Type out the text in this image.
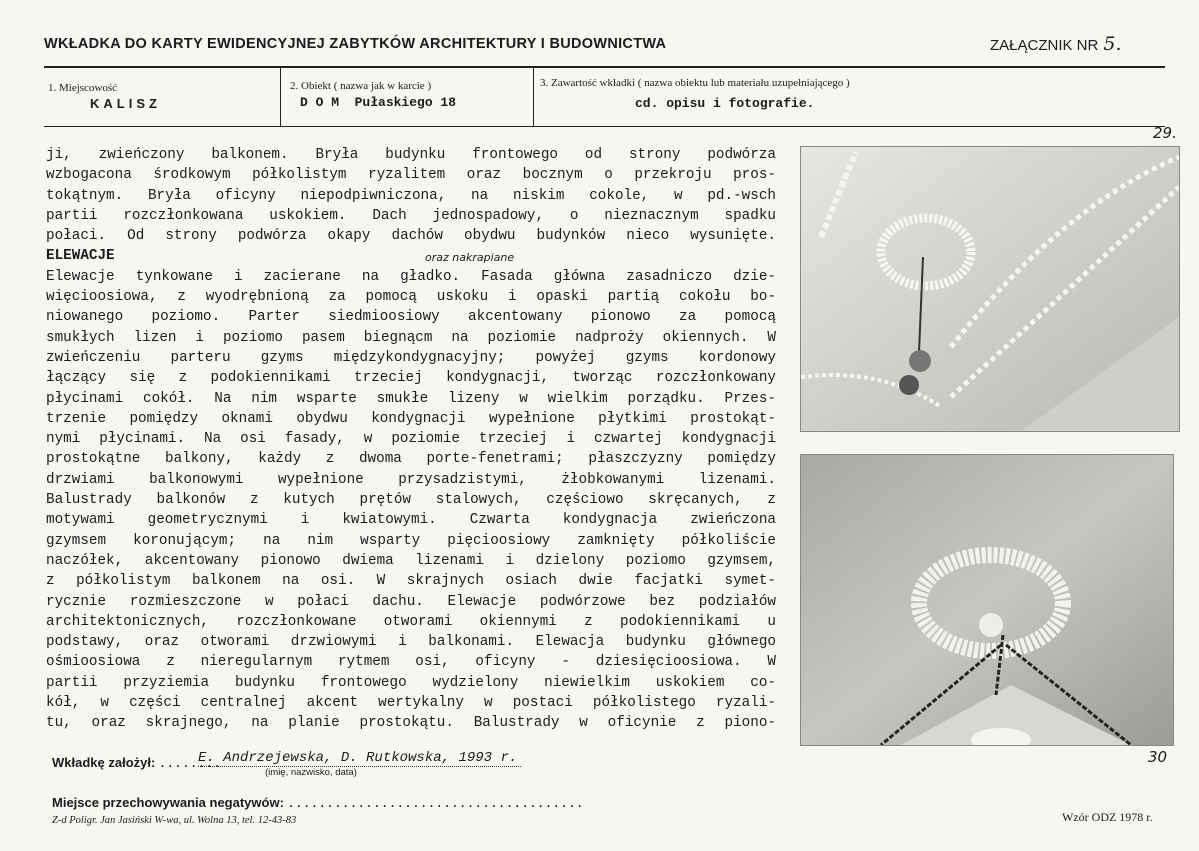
WKŁADKA DO KARTY EWIDENCYJNEJ ZABYTKÓW ARCHITEKTURY I BUDOWNICTWA	ZAŁĄCZNIK NR 5.
1. Miejscowość
KALISZ
2. Obiekt ( nazwa jak w karcie )
D O M  Pułaskiego 18
3. Zawartość wkładki ( nazwa obiektu lub materiału uzupełniającego )
cd. opisu i fotografie.
ji, zwieńczony balkonem. Bryła budynku frontowego od strony podwórza
wzbogacona środkowym półkolistym ryzalitem oraz bocznym o przekroju pros-
tokątnym. Bryła oficyny niepodpiwniczona, na niskim cokole, w pd.-wsch
partii rozczłonkowana uskokiem. Dach jednospadowy, o nieznacznym spadku
połaci. Od strony podwórza okapy dachów obydwu budynków nieco wysunięte.
ELEWACJE
Elewacje tynkowane i zacierane na gładko. Fasada główna zasadniczo dzie-
więcioosiowa, z wyodrębnioną za pomocą uskoku i opaski partią cokołu bo-
niowanego poziomo. Parter siedmioosiowy akcentowany pionowo za pomocą
smukłych lizen i poziomo pasem biegnącm na poziomie nadproży okiennych. W
zwieńczeniu parteru gzyms międzykondygnacyjny; powyżej gzyms kordonowy
łączący się z podokiennikami trzeciej kondygnacji, tworząc rozczłonkowany
płycinami cokół. Na nim wsparte smukłe lizeny w wielkim porządku. Przes-
trzenie pomiędzy oknami obydwu kondygnacji wypełnione płytkimi prostokąt-
nymi płycinami. Na osi fasady, w poziomie trzeciej i czwartej kondygnacji
prostokątne balkony, każdy z dwoma porte-fenetrami; płaszczyzny pomiędzy
drzwiami balkonowymi wypełnione przysadzistymi, żłobkowanymi lizenami.
Balustrady balkonów z kutych prętów stalowych, częściowo skręcanych, z
motywami geometrycznymi i kwiatowymi. Czwarta kondygnacja zwieńczona
gzymsem koronującym; na nim wsparty pięcioosiowy zamknięty półkoliście
naczółek, akcentowany pionowo dwiema lizenami i dzielony poziomo gzymsem,
z półkolistym balkonem na osi. W skrajnych osiach dwie facjatki symet-
rycznie rozmieszczone w połaci dachu. Elewacje podwórzowe bez podziałów
architektonicznych, rozczłonkowane otworami okiennymi z podokiennikami u
podstawy, oraz otworami drzwiowymi i balkonami. Elewacja budynku głównego
ośmioosiowa z nieregularnym rytmem osi, oficyny - dziesięcioosiowa. W
partii przyziemia budynku frontowego wydzielony niewielkim uskokiem co-
kół, w części centralnej akcent wertykalny w postaci półkolistego ryzali-
tu, oraz skrajnego, na planie prostokątu. Balustrady w oficynie z piono-
oraz nakrapiane
29.
30
Wkładkę założył: ........
E. Andrzejewska, D. Rutkowska, 1993 r.
(imię, nazwisko, data)
Miejsce przechowywania negatywów: ......................................
Z-d Poligr. Jan Jasiński W-wa, ul. Wolna 13, tel. 12-43-83	Wzór ODZ 1978 r.
